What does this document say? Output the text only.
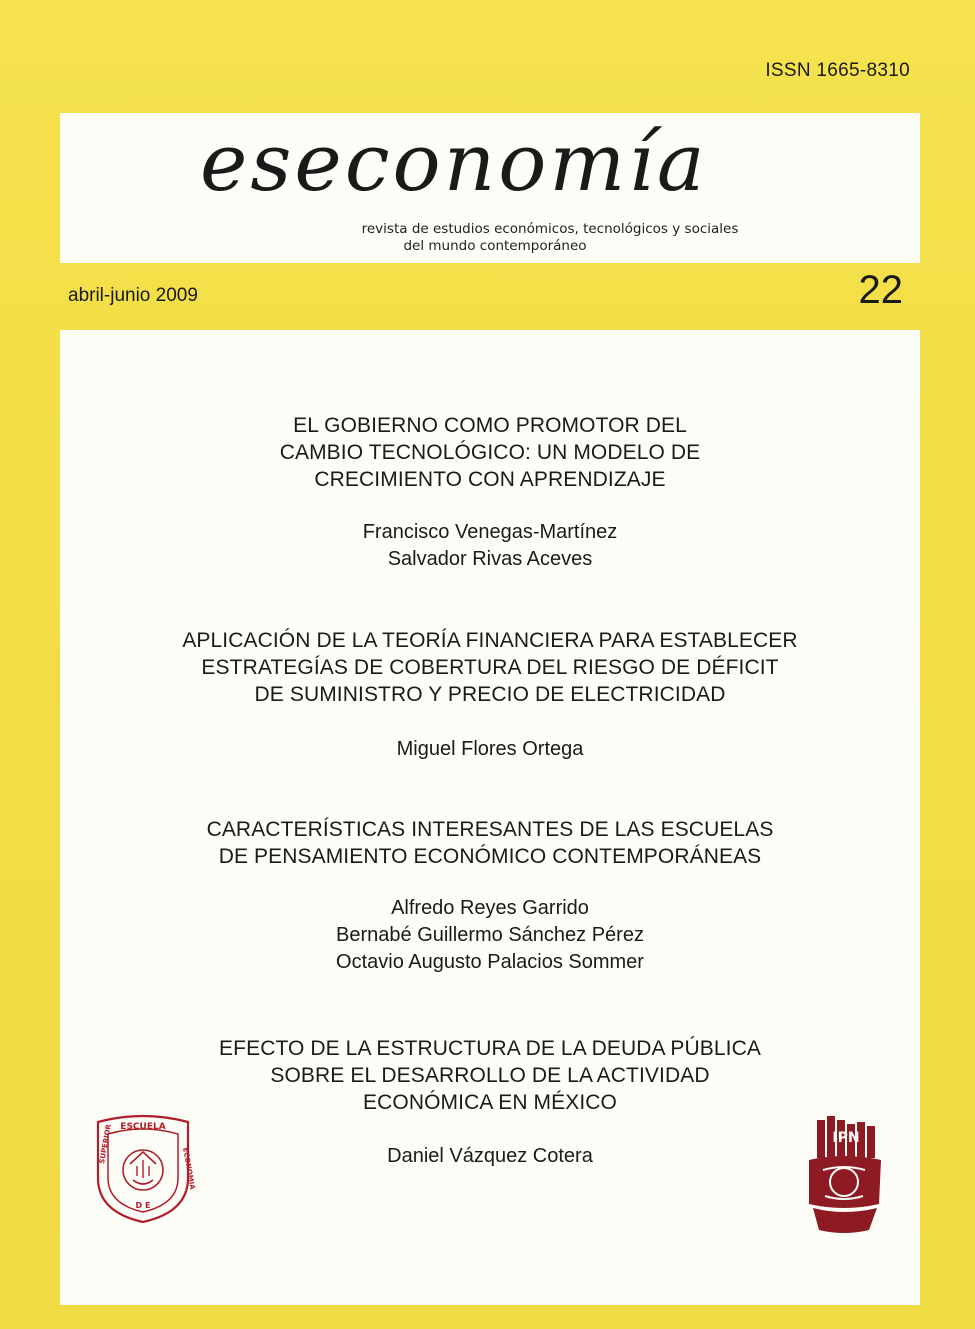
ISSN 1665-8310
eseconomía
revista de estudios económicos, tecnológicos y sociales
del mundo contemporáneo
abril-junio 2009	22
EL GOBIERNO COMO PROMOTOR DEL
CAMBIO TECNOLÓGICO: UN MODELO DE
CRECIMIENTO CON APRENDIZAJE
Francisco Venegas-Martínez
Salvador Rivas Aceves
APLICACIÓN DE LA TEORÍA FINANCIERA PARA ESTABLECER
ESTRATEGÍAS DE COBERTURA DEL RIESGO DE DÉFICIT
DE SUMINISTRO Y PRECIO DE ELECTRICIDAD
Miguel Flores Ortega
CARACTERÍSTICAS INTERESANTES DE LAS ESCUELAS
DE PENSAMIENTO ECONÓMICO CONTEMPORÁNEAS
Alfredo Reyes Garrido
Bernabé Guillermo Sánchez Pérez
Octavio Augusto Palacios Sommer
EFECTO DE LA ESTRUCTURA DE LA DEUDA PÚBLICA
SOBRE EL DESARROLLO DE LA ACTIVIDAD
ECONÓMICA EN MÉXICO
Daniel Vázquez Cotera
ESCUELA
SUPERIOR
ECONOMIA
D E
IPN
